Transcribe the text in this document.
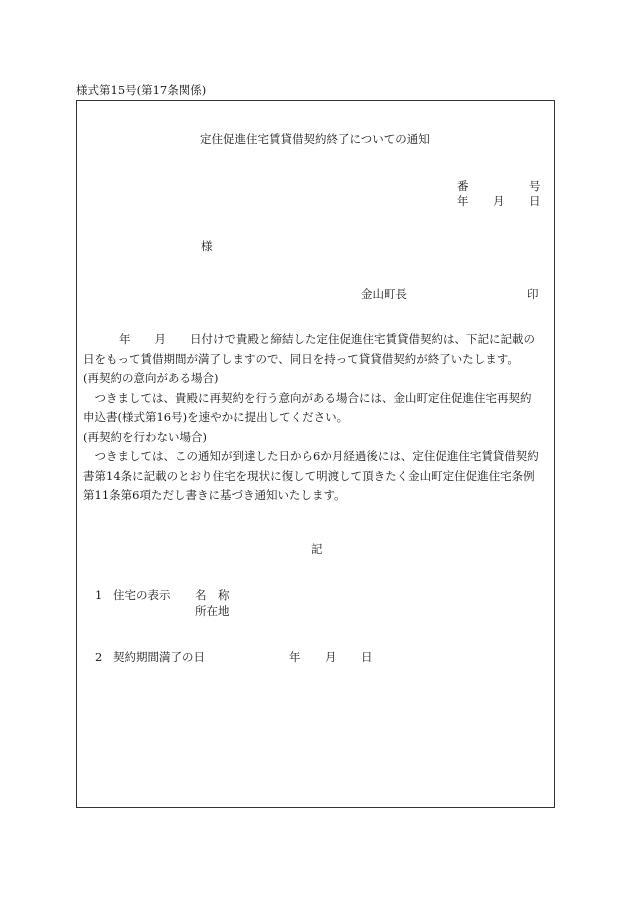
様式第15号(第17条関係)
定住促進住宅賃貸借契約終了についての通知
番	号
年 月 日
様
金山町長	印
年 月 日付けで貴殿と締結した定住促進住宅賃貸借契約は、下記に記載の
日をもって賃借期間が満了しますので、同日を持って貸貸借契約が終了いたします。
(再契約の意向がある場合)
　つきましては、貴殿に再契約を行う意向がある場合には、金山町定住促進住宅再契約
申込書(様式第16号)を速やかに提出してください。
(再契約を行わない場合)
　つきましては、この通知が到達した日から6か月経過後には、定住促進住宅賃貸借契約
書第14条に記載のとおり住宅を現状に復して明渡して頂きたく金山町定住促進住宅条例
第11条第6項ただし書きに基づき通知いたします。
記
1 住宅の表示 名　称
所在地
2 契約期間満了の日	年 月 日
